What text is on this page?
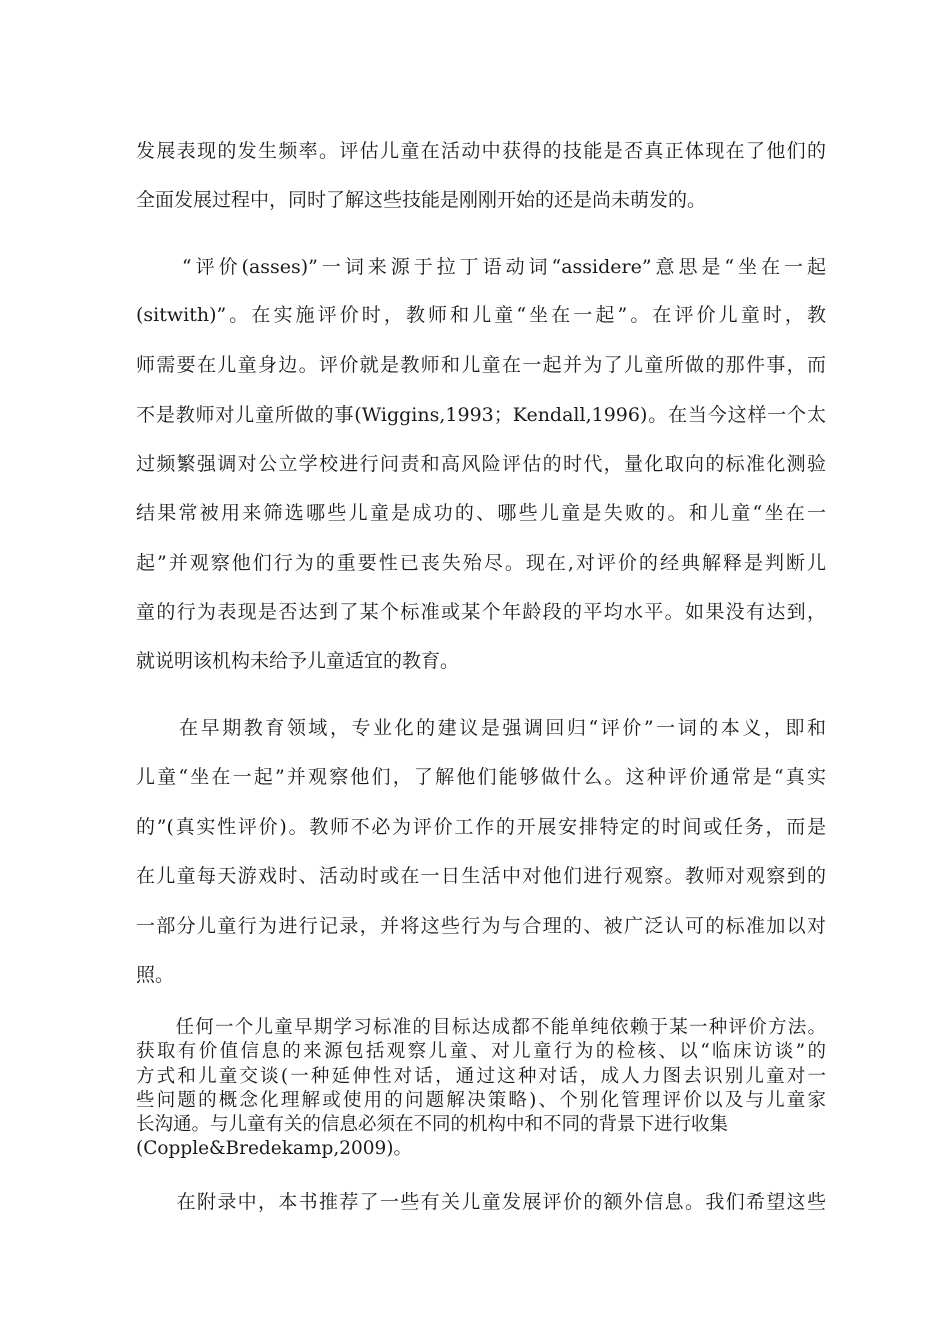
发展表现的发生频率。评估儿童在活动中获得的技能是否真正体现在了他们的
全面发展过程中，同时了解这些技能是刚刚开始的还是尚未萌发的。
　　“评价(asses)”一词来源于拉丁语动词“assidere”意思是“坐在一起
(sitwith)”。在实施评价时，教师和儿童“坐在一起”。在评价儿童时，教
师需要在儿童身边。评价就是教师和儿童在一起并为了儿童所做的那件事，而
不是教师对儿童所做的事(Wiggins,1993；Kendall,1996)。在当今这样一个太
过频繁强调对公立学校进行问责和高风险评估的时代，量化取向的标准化测验
结果常被用来筛选哪些儿童是成功的、哪些儿童是失败的。和儿童“坐在一
起”并观察他们行为的重要性已丧失殆尽。现在,对评价的经典解释是判断儿
童的行为表现是否达到了某个标准或某个年龄段的平均水平。如果没有达到，
就说明该机构未给予儿童适宜的教育。
　　在早期教育领域，专业化的建议是强调回归“评价”一词的本义，即和
儿童“坐在一起”并观察他们，了解他们能够做什么。这种评价通常是“真实
的”(真实性评价)。教师不必为评价工作的开展安排特定的时间或任务，而是
在儿童每天游戏时、活动时或在一日生活中对他们进行观察。教师对观察到的
一部分儿童行为进行记录，并将这些行为与合理的、被广泛认可的标准加以对
照。
　　任何一个儿童早期学习标准的目标达成都不能单纯依赖于某一种评价方法。
获取有价值信息的来源包括观察儿童、对儿童行为的检核、以“临床访谈”的
方式和儿童交谈(一种延伸性对话，通过这种对话，成人力图去识别儿童对一
些问题的概念化理解或使用的问题解决策略)、个别化管理评价以及与儿童家
长沟通。与儿童有关的信息必须在不同的机构中和不同的背景下进行收集
(Copple&Bredekamp,2009)。
　　在附录中，本书推荐了一些有关儿童发展评价的额外信息。我们希望这些
